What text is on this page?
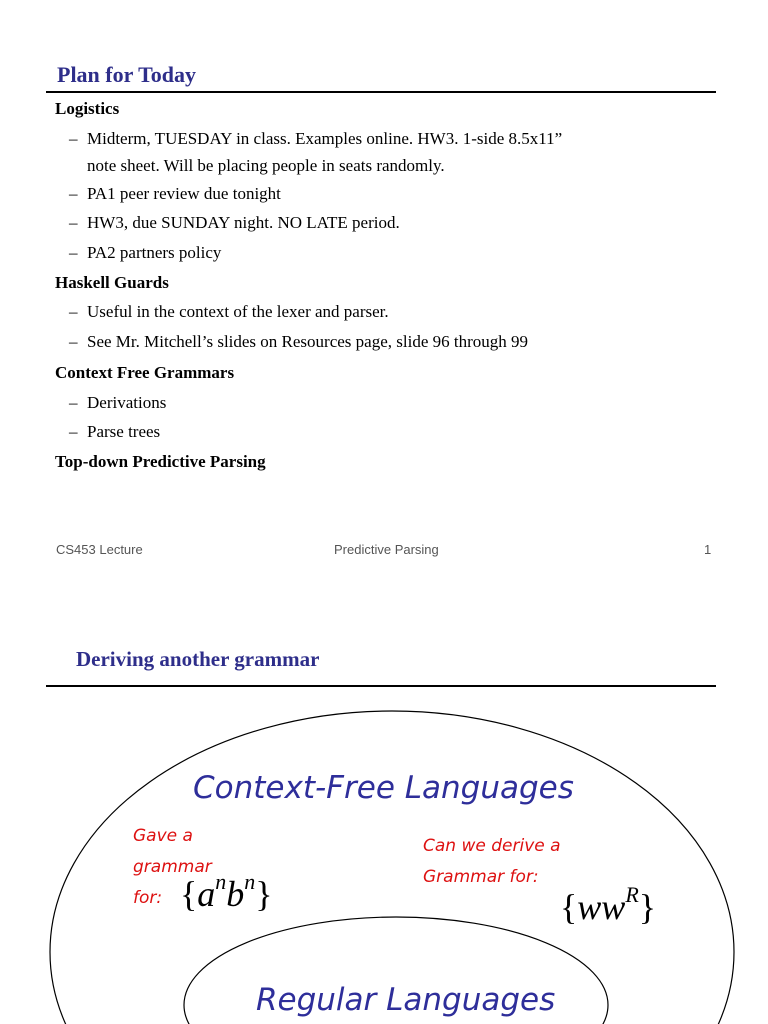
Plan for Today
Logistics
– Midterm, TUESDAY in class. Examples online. HW3. 1-side 8.5x11”
note sheet. Will be placing people in seats randomly.
– PA1 peer review due tonight
– HW3, due SUNDAY night. NO LATE period.
– PA2 partners policy
Haskell Guards
– Useful in the context of the lexer and parser.
– See Mr. Mitchell’s slides on Resources page, slide 96 through 99
Context Free Grammars
– Derivations
– Parse trees
Top-down Predictive Parsing
CS453 Lecture	Predictive Parsing	1
Deriving another grammar
Context-Free Languages
Regular Languages
Gave a
grammar
for: $\{a^nb^n\}$
Can we derive a
Grammar for:
$\{ww^R\}$
